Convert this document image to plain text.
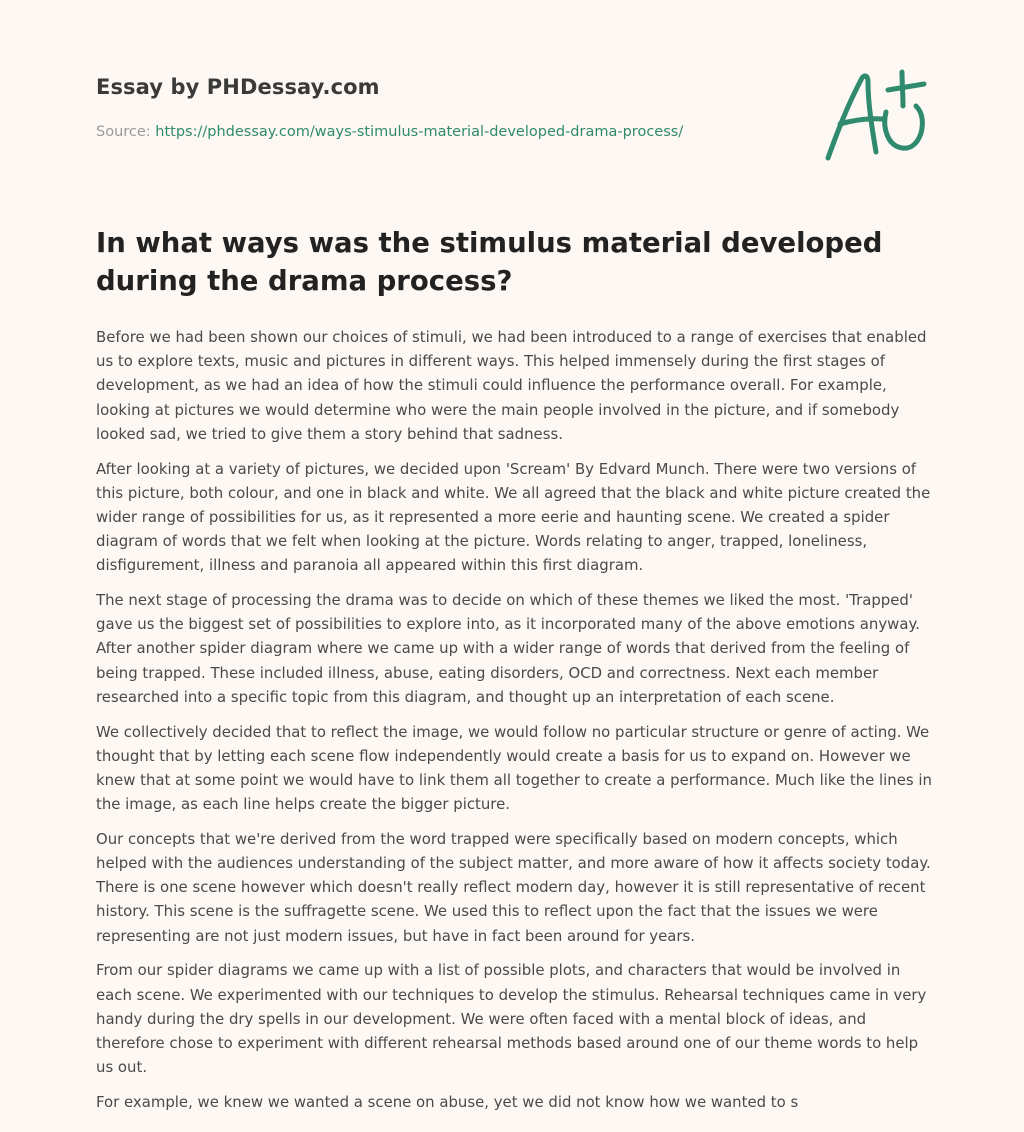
Essay by PHDessay.com
Source: https://phdessay.com/ways-stimulus-material-developed-drama-process/
In what ways was the stimulus material developed during the drama process?

Before we had been shown our choices of stimuli, we had been introduced to a range of exercises that enabled us to explore texts, music and pictures in different ways. This helped immensely during the first stages of development, as we had an idea of how the stimuli could influence the performance overall. For example, looking at pictures we would determine who were the main people involved in the picture, and if somebody looked sad, we tried to give them a story behind that sadness.

After looking at a variety of pictures, we decided upon 'Scream' By Edvard Munch. There were two versions of this picture, both colour, and one in black and white. We all agreed that the black and white picture created the wider range of possibilities for us, as it represented a more eerie and haunting scene. We created a spider diagram of words that we felt when looking at the picture. Words relating to anger, trapped, loneliness, disfigurement, illness and paranoia all appeared within this first diagram.

The next stage of processing the drama was to decide on which of these themes we liked the most. 'Trapped' gave us the biggest set of possibilities to explore into, as it incorporated many of the above emotions anyway. After another spider diagram where we came up with a wider range of words that derived from the feeling of being trapped. These included illness, abuse, eating disorders, OCD and correctness. Next each member researched into a specific topic from this diagram, and thought up an interpretation of each scene.

We collectively decided that to reflect the image, we would follow no particular structure or genre of acting. We thought that by letting each scene flow independently would create a basis for us to expand on. However we knew that at some point we would have to link them all together to create a performance. Much like the lines in the image, as each line helps create the bigger picture.

Our concepts that we're derived from the word trapped were specifically based on modern concepts, which helped with the audiences understanding of the subject matter, and more aware of how it affects society today. There is one scene however which doesn't really reflect modern day, however it is still representative of recent history. This scene is the suffragette scene. We used this to reflect upon the fact that the issues we were representing are not just modern issues, but have in fact been around for years.

From our spider diagrams we came up with a list of possible plots, and characters that would be involved in each scene. We experimented with our techniques to develop the stimulus. Rehearsal techniques came in very handy during the dry spells in our development. We were often faced with a mental block of ideas, and therefore chose to experiment with different rehearsal methods based around one of our theme words to help us out.

For example, we knew we wanted a scene on abuse, yet we did not know how we wanted to s
